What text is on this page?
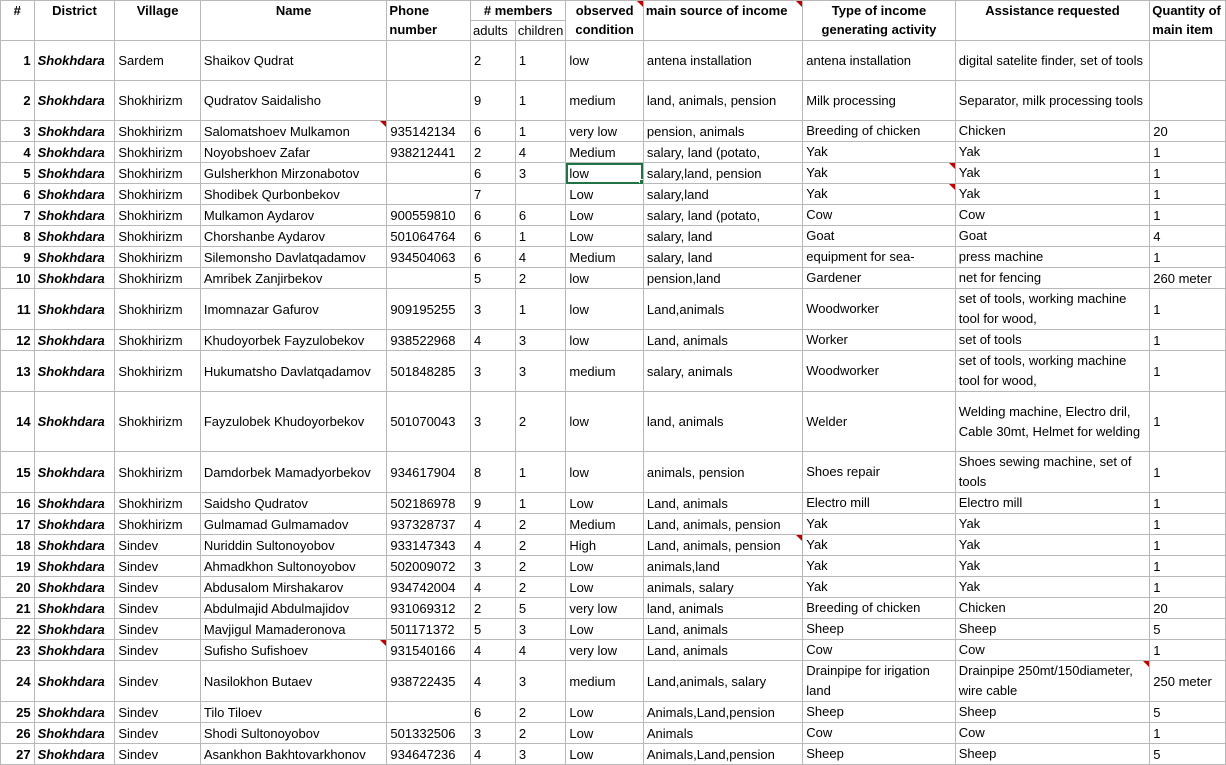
#	District	Village	Name	Phone number	# members		observed condition	main source of income	Type of income generating activity	Assistance requested	Quantity of main item
					adults	children					
1	Shokhdara	Sardem	Shaikov Qudrat		2	1	low	antena installation	antena installation	digital satelite finder, set of tools	
2	Shokhdara	Shokhirizm	Qudratov Saidalisho		9	1	medium	land, animals, pension	Milk processing	Separator, milk processing tools	
3	Shokhdara	Shokhirizm	Salomatshoev Mulkamon	935142134	6	1	very low	pension, animals	Breeding of chicken	Chicken	20
4	Shokhdara	Shokhirizm	Noyobshoev Zafar	938212441	2	4	Medium	salary, land (potato,	Yak	Yak	1
5	Shokhdara	Shokhirizm	Gulsherkhon Mirzonabotov		6	3	low	salary,land, pension	Yak	Yak	1
6	Shokhdara	Shokhirizm	Shodibek Qurbonbekov		7		Low	salary,land	Yak	Yak	1
7	Shokhdara	Shokhirizm	Mulkamon Aydarov	900559810	6	6	Low	salary, land (potato,	Cow	Cow	1
8	Shokhdara	Shokhirizm	Chorshanbe Aydarov	501064764	6	1	Low	salary, land	Goat	Goat	4
9	Shokhdara	Shokhirizm	Silemonsho Davlatqadamov	934504063	6	4	Medium	salary, land	equipment for sea-	press machine	1
10	Shokhdara	Shokhirizm	Amribek Zanjirbekov		5	2	low	pension,land	Gardener	net for fencing	260 meter
11	Shokhdara	Shokhirizm	Imomnazar Gafurov	909195255	3	1	low	Land,animals	Woodworker	set of tools, working machine tool for wood,	1
12	Shokhdara	Shokhirizm	Khudoyorbek Fayzulobekov	938522968	4	3	low	Land, animals	Worker	set of tools	1
13	Shokhdara	Shokhirizm	Hukumatsho Davlatqadamov	501848285	3	3	medium	salary, animals	Woodworker	set of tools, working machine tool for wood,	1
14	Shokhdara	Shokhirizm	Fayzulobek Khudoyorbekov	501070043	3	2	low	land, animals	Welder	Welding machine, Electro dril, Cable 30mt, Helmet for welding	1
15	Shokhdara	Shokhirizm	Damdorbek Mamadyorbekov	934617904	8	1	low	animals, pension	Shoes repair	Shoes sewing machine, set of tools	1
16	Shokhdara	Shokhirizm	Saidsho Qudratov	502186978	9	1	Low	Land, animals	Electro mill	Electro mill	1
17	Shokhdara	Shokhirizm	Gulmamad Gulmamadov	937328737	4	2	Medium	Land, animals, pension	Yak	Yak	1
18	Shokhdara	Sindev	Nuriddin Sultonoyobov	933147343	4	2	High	Land, animals, pension	Yak	Yak	1
19	Shokhdara	Sindev	Ahmadkhon Sultonoyobov	502009072	3	2	Low	animals,land	Yak	Yak	1
20	Shokhdara	Sindev	Abdusalom Mirshakarov	934742004	4	2	Low	animals, salary	Yak	Yak	1
21	Shokhdara	Sindev	Abdulmajid Abdulmajidov	931069312	2	5	very low	land, animals	Breeding of chicken	Chicken	20
22	Shokhdara	Sindev	Mavjigul Mamaderonova	501171372	5	3	Low	Land, animals	Sheep	Sheep	5
23	Shokhdara	Sindev	Sufisho Sufishoev	931540166	4	4	very low	Land, animals	Cow	Cow	1
24	Shokhdara	Sindev	Nasilokhon Butaev	938722435	4	3	medium	Land,animals, salary	Drainpipe for irigation land	Drainpipe 250mt/150diameter, wire cable	250 meter
25	Shokhdara	Sindev	Tilo Tiloev		6	2	Low	Animals,Land,pension	Sheep	Sheep	5
26	Shokhdara	Sindev	Shodi Sultonoyobov	501332506	3	2	Low	Animals	Cow	Cow	1
27	Shokhdara	Sindev	Asankhon Bakhtovarkhonov	934647236	4	3	Low	Animals,Land,pension	Sheep	Sheep	5
